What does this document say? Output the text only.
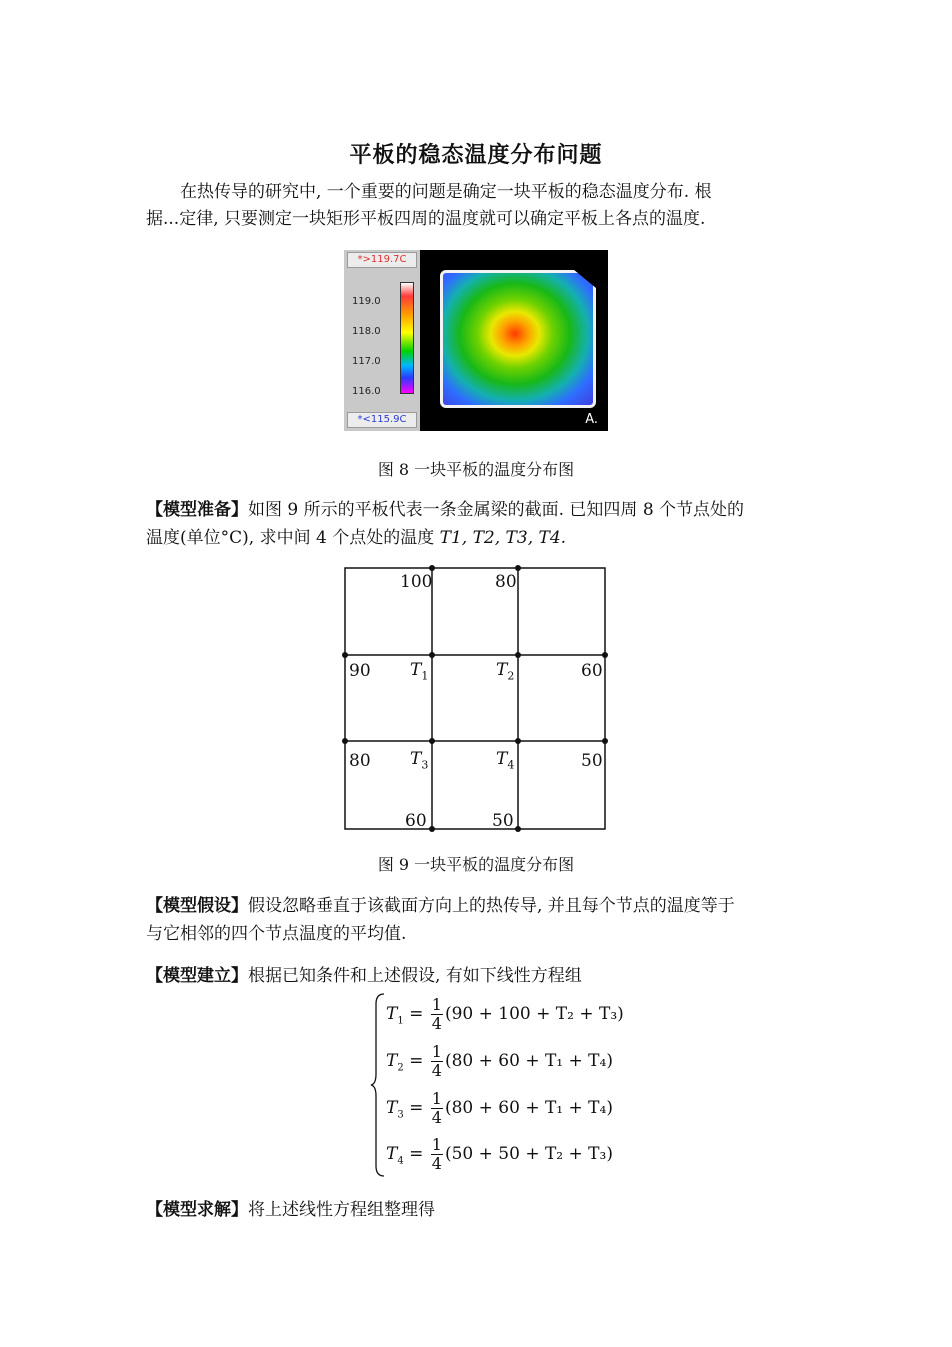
平板的稳态温度分布问题
在热传导的研究中, 一个重要的问题是确定一块平板的稳态温度分布. 根
据...定律, 只要测定一块矩形平板四周的温度就可以确定平板上各点的温度.
*>119.7C
119.0
118.0
117.0
116.0
*<115.9C	A.
图 8 一块平板的温度分布图
【模型准备】如图 9 所示的平板代表一条金属梁的截面. 已知四周 8 个节点处的
温度(单位°C), 求中间 4 个点处的温度 T1, T2, T3, T4.
100	80
90	60
80	50
60	50
$T_1$	$T_2$
$T_3$	$T_4$
图 9 一块平板的温度分布图
【模型假设】假设忽略垂直于该截面方向上的热传导, 并且每个节点的温度等于
与它相邻的四个节点温度的平均值.
【模型建立】根据已知条件和上述假设, 有如下线性方程组
$T_1 = \frac{1}{4} (90 + 100 + T_2 + T_3)$
$T_2 = \frac{1}{4} (80 + 60 + T_1 + T_4)$
$T_3 = \frac{1}{4} (80 + 60 + T_1 + T_4)$
$T_4 = \frac{1}{4} (50 + 50 + T_2 + T_3)$
【模型求解】将上述线性方程组整理得
